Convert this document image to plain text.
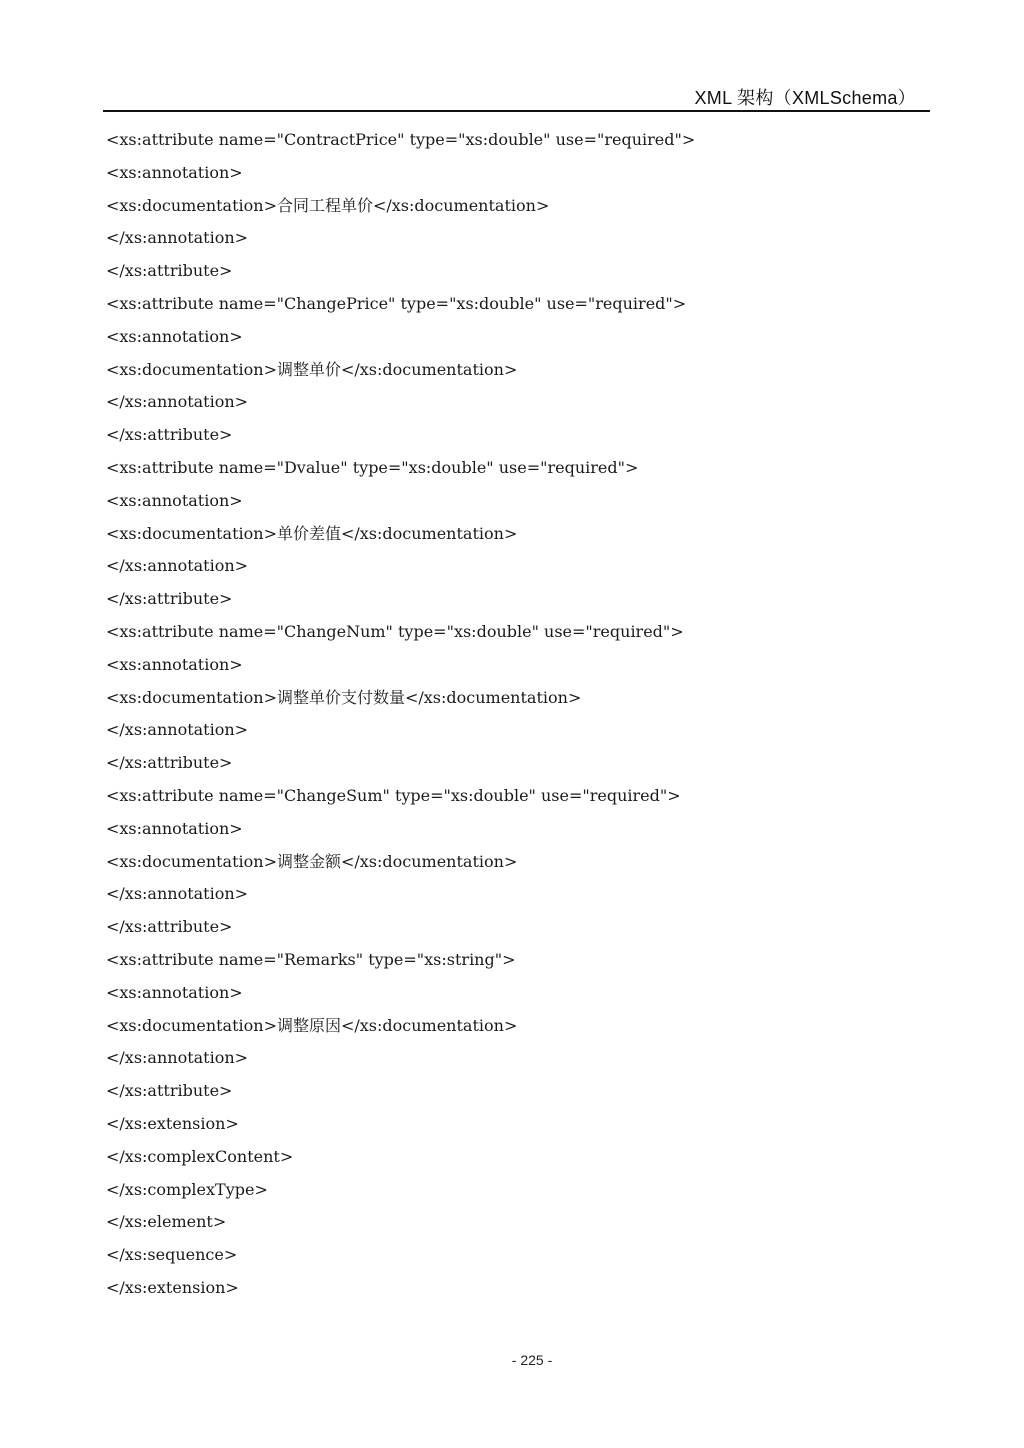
XML 架构（XMLSchema）
<xs:attribute name="ContractPrice" type="xs:double" use="required">
<xs:annotation>
<xs:documentation>合同工程单价</xs:documentation>
</xs:annotation>
</xs:attribute>
<xs:attribute name="ChangePrice" type="xs:double" use="required">
<xs:annotation>
<xs:documentation>调整单价</xs:documentation>
</xs:annotation>
</xs:attribute>
<xs:attribute name="Dvalue" type="xs:double" use="required">
<xs:annotation>
<xs:documentation>单价差值</xs:documentation>
</xs:annotation>
</xs:attribute>
<xs:attribute name="ChangeNum" type="xs:double" use="required">
<xs:annotation>
<xs:documentation>调整单价支付数量</xs:documentation>
</xs:annotation>
</xs:attribute>
<xs:attribute name="ChangeSum" type="xs:double" use="required">
<xs:annotation>
<xs:documentation>调整金额</xs:documentation>
</xs:annotation>
</xs:attribute>
<xs:attribute name="Remarks" type="xs:string">
<xs:annotation>
<xs:documentation>调整原因</xs:documentation>
</xs:annotation>
</xs:attribute>
</xs:extension>
</xs:complexContent>
</xs:complexType>
</xs:element>
</xs:sequence>
</xs:extension>
- 225 -
